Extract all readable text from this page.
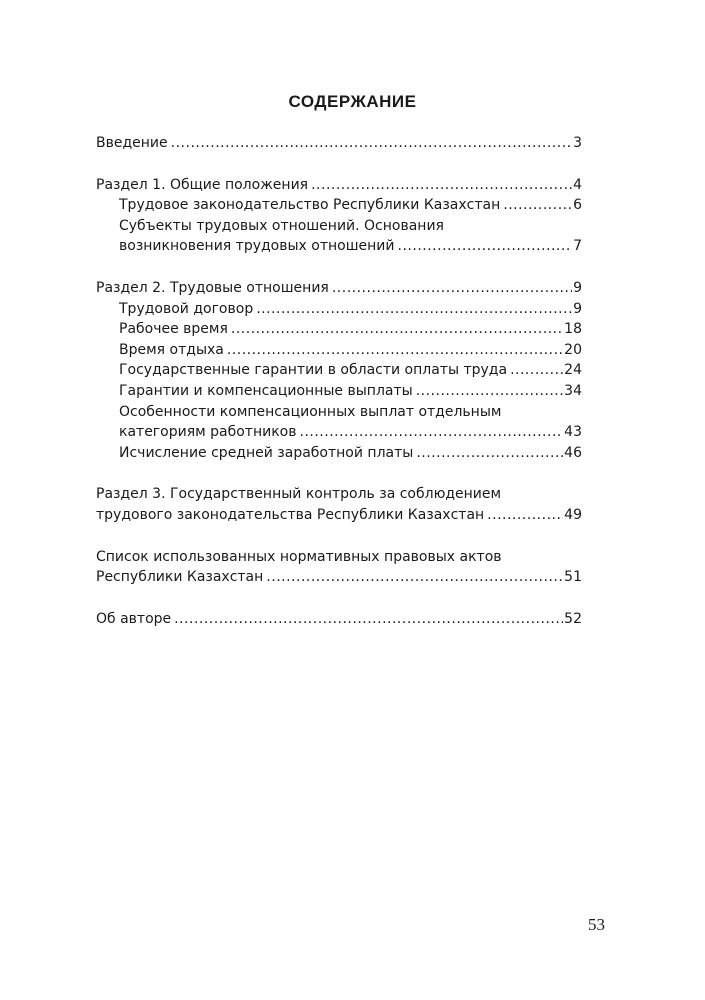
СОДЕРЖАНИЕ
Введение .....	3
Раздел 1. Общие положения .....	4
Трудовое законодательство Республики Казахстан .....	6
Субъекты трудовых отношений. Основания
возникновения трудовых отношений .....	7
Раздел 2. Трудовые отношения .....	9
Трудовой договор .....	9
Рабочее время .....	18
Время отдыха .....	20
Государственные гарантии в области оплаты труда .....	24
Гарантии и компенсационные выплаты .....	34
Особенности компенсационных выплат отдельным
категориям работников .....	43
Исчисление средней заработной платы .....	46
Раздел 3. Государственный контроль за соблюдением
трудового законодательства Республики Казахстан .....	49
Список использованных нормативных правовых актов
Республики Казахстан .....	51
Об авторе .....	52
53
